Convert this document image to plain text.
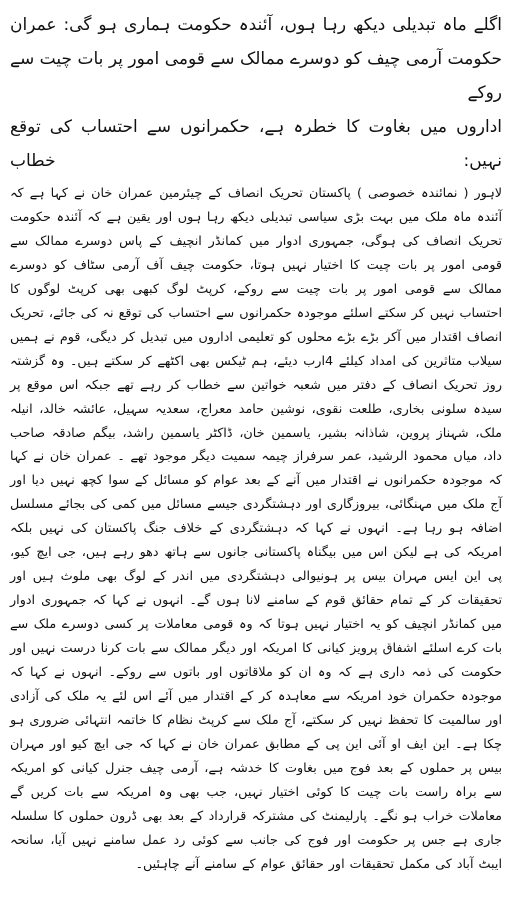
اگلے ماہ تبدیلی دیکھ رہا ہوں، آئندہ حکومت ہماری ہو گی: عمران

حکومت آرمی چیف کو دوسرے ممالک سے قومی امور پر بات چیت سے روکے

اداروں میں بغاوت کا خطرہ ہے، حکمرانوں سے احتساب کی توقع نہیں: خطاب

لاہور ( نمائندہ خصوصی ) پاکستان تحریک انصاف کے چیئرمین عمران خان نے کہا ہے کہ آئندہ ماہ ملک میں بہت بڑی سیاسی تبدیلی دیکھ رہا ہوں اور یقین ہے کہ آئندہ حکومت تحریک انصاف کی ہوگی، جمہوری ادوار میں کمانڈر انچیف کے پاس دوسرے ممالک سے قومی امور پر بات چیت کا اختیار نہیں ہوتا، حکومت چیف آف آرمی سٹاف کو دوسرے ممالک سے قومی امور پر بات چیت سے روکے، کرپٹ لوگ کبھی بھی کرپٹ لوگوں کا احتساب نہیں کر سکتے اسلئے موجودہ حکمرانوں سے احتساب کی توقع نہ کی جائے، تحریک انصاف اقتدار میں آکر بڑے بڑے محلوں کو تعلیمی اداروں میں تبدیل کر دیگی، قوم نے ہمیں سیلاب متاثرین کی امداد کیلئے 4ارب دیئے، ہم ٹیکس بھی اکٹھے کر سکتے ہیں۔ وہ گزشتہ روز تحریک انصاف کے دفتر میں شعبہ خواتین سے خطاب کر رہے تھے جبکہ اس موقع پر سیدہ سلونی بخاری، طلعت نقوی، نوشین حامد معراج، سعدیہ سہیل، عائشہ خالد، انیلہ ملک، شہناز پروین، شاذانہ بشیر، یاسمین خان، ڈاکٹر یاسمین راشد، بیگم صادقہ صاحب داد، میاں محمود الرشید، عمر سرفراز چیمہ سمیت دیگر موجود تھے ۔ عمران خان نے کہا کہ موجودہ حکمرانوں نے اقتدار میں آنے کے بعد عوام کو مسائل کے سوا کچھ نہیں دیا اور آج ملک میں مہنگائی، بیروزگاری اور دہشتگردی جیسے مسائل میں کمی کی بجائے مسلسل اضافہ ہو رہا ہے۔ انہوں نے کہا کہ دہشتگردی کے خلاف جنگ پاکستان کی نہیں بلکہ امریکہ کی ہے لیکن اس میں بیگناہ پاکستانی جانوں سے ہاتھ دھو رہے ہیں، جی ایچ کیو، پی این ایس مہران بیس پر ہونیوالی دہشتگردی میں اندر کے لوگ بھی ملوث ہیں اور تحقیقات کر کے تمام حقائق قوم کے سامنے لانا ہوں گے۔ انہوں نے کہا کہ جمہوری ادوار میں کمانڈر انچیف کو یہ اختیار نہیں ہوتا کہ وہ قومی معاملات پر کسی دوسرے ملک سے بات کرے اسلئے اشفاق پرویز کیانی کا امریکہ اور دیگر ممالک سے بات کرنا درست نہیں اور حکومت کی ذمہ داری ہے کہ وہ ان کو ملاقاتوں اور باتوں سے روکے۔ انہوں نے کہا کہ موجودہ حکمران خود امریکہ سے معاہدہ کر کے اقتدار میں آئے اس لئے یہ ملک کی آزادی اور سالمیت کا تحفظ نہیں کر سکتے، آج ملک سے کرپٹ نظام کا خاتمہ انتہائی ضروری ہو چکا ہے۔ این ایف او آئی این پی کے مطابق عمران خان نے کہا کہ جی ایچ کیو اور مہران بیس پر حملوں کے بعد فوج میں بغاوت کا خدشہ ہے، آرمی چیف جنرل کیانی کو امریکہ سے براہ راست بات چیت کا کوئی اختیار نہیں، جب بھی وہ امریکہ سے بات کریں گے معاملات خراب ہو نگے۔ پارلیمنٹ کی مشترکہ قرارداد کے بعد بھی ڈرون حملوں کا سلسلہ جاری ہے جس پر حکومت اور فوج کی جانب سے کوئی رد عمل سامنے نہیں آیا، سانحہ ایبٹ آباد کی مکمل تحقیقات اور حقائق عوام کے سامنے آنے چاہئیں۔
